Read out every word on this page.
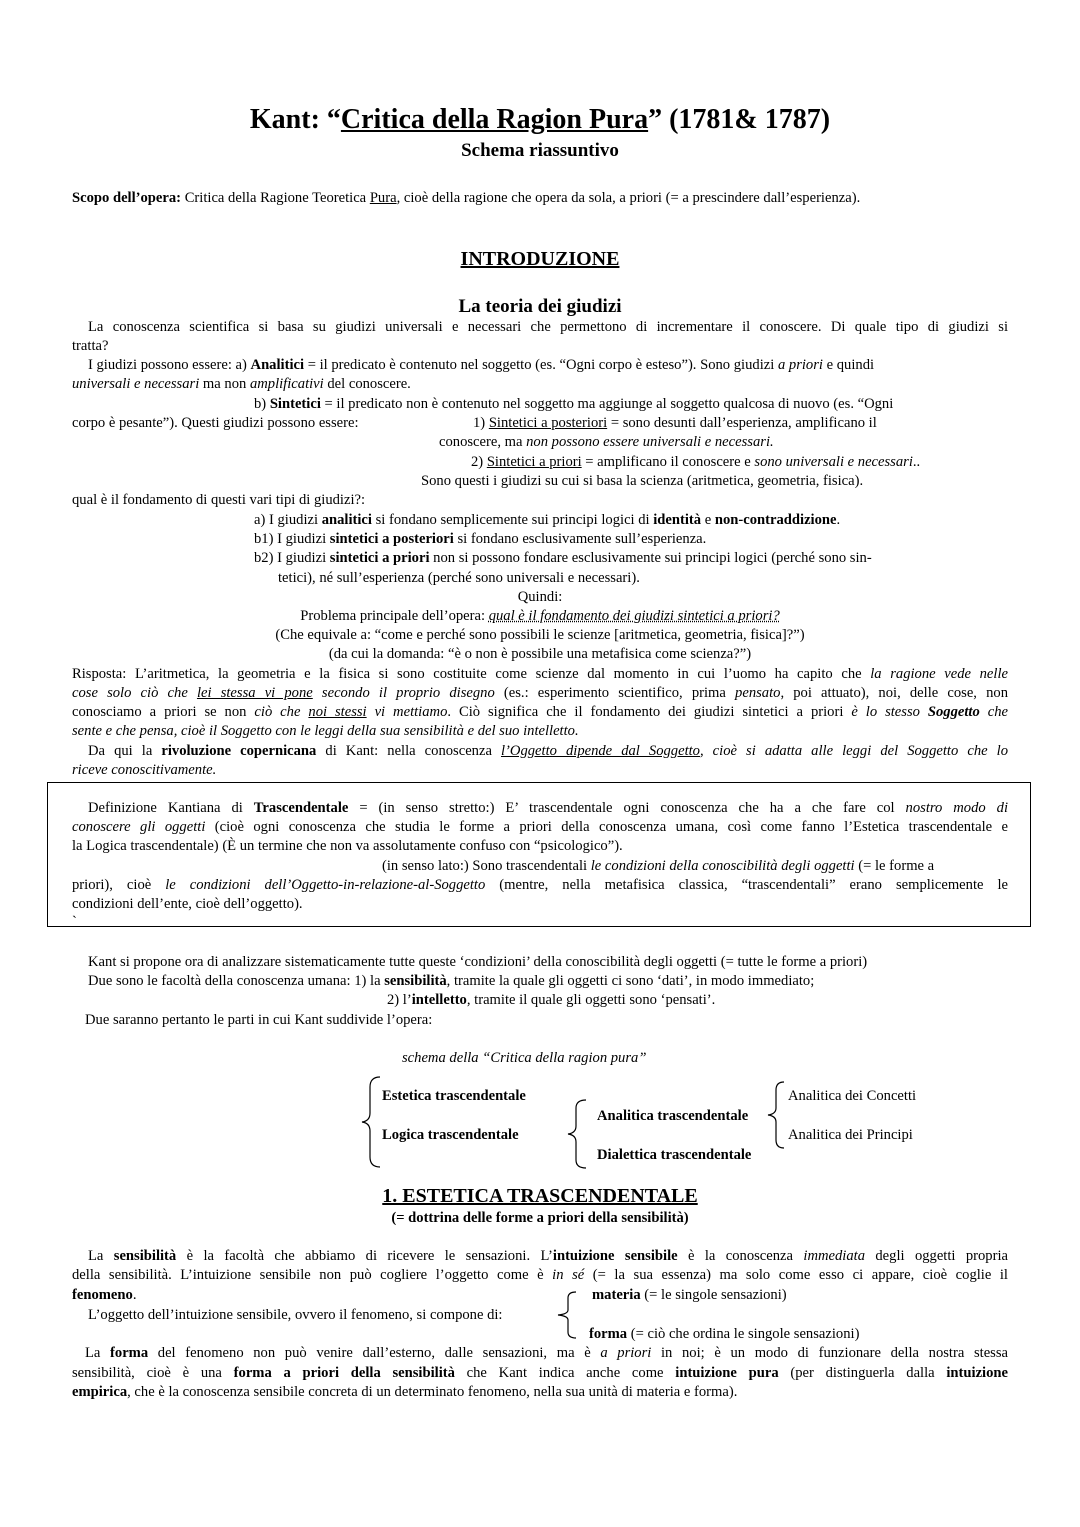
Kant: “Critica della Ragion Pura” (1781& 1787)
Schema riassuntivo
Scopo dell’opera: Critica della Ragione Teoretica Pura, cioè della ragione che opera da sola, a priori (= a prescindere dall’esperienza).
INTRODUZIONE
La teoria dei giudizi
La conoscenza scientifica si basa su giudizi universali e necessari che permettono di incrementare il conoscere. Di quale tipo di giudizi si
tratta?
I giudizi possono essere: a) Analitici = il predicato è contenuto nel soggetto (es. “Ogni corpo è esteso”). Sono giudizi a priori e quindi
universali e necessari ma non amplificativi del conoscere.
b) Sintetici = il predicato non è contenuto nel soggetto ma aggiunge al soggetto qualcosa di nuovo (es. “Ogni
corpo è pesante”). Questi giudizi possono essere:	1) Sintetici a posteriori = sono desunti dall’esperienza, amplificano il
conoscere, ma non possono essere universali e necessari.
2) Sintetici a priori = amplificano il conoscere e sono universali e necessari..
Sono questi i giudizi su cui si basa la scienza (aritmetica, geometria, fisica).
qual è il fondamento di questi vari tipi di giudizi?:
a) I giudizi analitici si fondano semplicemente sui principi logici di identità e non-contraddizione.
b1) I giudizi sintetici a posteriori si fondano esclusivamente sull’esperienza.
b2) I giudizi sintetici a priori non si possono fondare esclusivamente sui principi logici (perché sono sin-
tetici), né sull’esperienza (perché sono universali e necessari).
Quindi:
Problema principale dell’opera: qual è il fondamento dei giudizi sintetici a priori?
(Che equivale a: “come e perché sono possibili le scienze [aritmetica, geometria, fisica]?”)
(da cui la domanda: “è o non è possibile una metafisica come scienza?”)
Risposta: L’aritmetica, la geometria e la fisica si sono costituite come scienze dal momento in cui l’uomo ha capito che la ragione vede nelle
cose solo ciò che lei stessa vi pone secondo il proprio disegno (es.: esperimento scientifico, prima pensato, poi attuato), noi, delle cose, non
conosciamo a priori se non ciò che noi stessi vi mettiamo. Ciò significa che il fondamento dei giudizi sintetici a priori è lo stesso Soggetto che
sente e che pensa, cioè il Soggetto con le leggi della sua sensibilità e del suo intelletto.
Da qui la rivoluzione copernicana di Kant: nella conoscenza l’Oggetto dipende dal Soggetto, cioè si adatta alle leggi del Soggetto che lo
riceve conoscitivamente.
Definizione Kantiana di Trascendentale = (in senso stretto:) E’ trascendentale ogni conoscenza che ha a che fare col nostro modo di
conoscere gli oggetti (cioè ogni conoscenza che studia le forme a priori della conoscenza umana, così come fanno l’Estetica trascendentale e
la Logica trascendentale) (È un termine che non va assolutamente confuso con “psicologico”).
(in senso lato:) Sono trascendentali le condizioni della conoscibilità degli oggetti (= le forme a
priori), cioè le condizioni dell’Oggetto-in-relazione-al-Soggetto (mentre, nella metafisica classica, “trascendentali” erano semplicemente le
condizioni dell’ente, cioè dell’oggetto).
`
Kant si propone ora di analizzare sistematicamente tutte queste ‘condizioni’ della conoscibilità degli oggetti (= tutte le forme a priori)
Due sono le facoltà della conoscenza umana: 1) la sensibilità, tramite la quale gli oggetti ci sono ‘dati’, in modo immediato;
2) l’intelletto, tramite il quale gli oggetti sono ‘pensati’.
Due saranno pertanto le parti in cui Kant suddivide l’opera:
schema della “Critica della ragion pura”
Estetica trascendentale
Logica trascendentale
Analitica trascendentale
Dialettica trascendentale
Analitica dei Concetti
Analitica dei Principi
1. ESTETICA TRASCENDENTALE
(= dottrina delle forme a priori della sensibilità)
La sensibilità è la facoltà che abbiamo di ricevere le sensazioni. L’intuizione sensibile è la conoscenza immediata degli oggetti propria
della sensibilità. L’intuizione sensibile non può cogliere l’oggetto come è in sé (= la sua essenza) ma solo come esso ci appare, cioè coglie il
fenomeno.	materia (= le singole sensazioni)
L’oggetto dell’intuizione sensibile, ovvero il fenomeno, si compone di:
forma (= ciò che ordina le singole sensazioni)
La forma del fenomeno non può venire dall’esterno, dalle sensazioni, ma è a priori in noi; è un modo di funzionare della nostra stessa
sensibilità, cioè è una forma a priori della sensibilità che Kant indica anche come intuizione pura (per distinguerla dalla intuizione
empirica, che è la conoscenza sensibile concreta di un determinato fenomeno, nella sua unità di materia e forma).
